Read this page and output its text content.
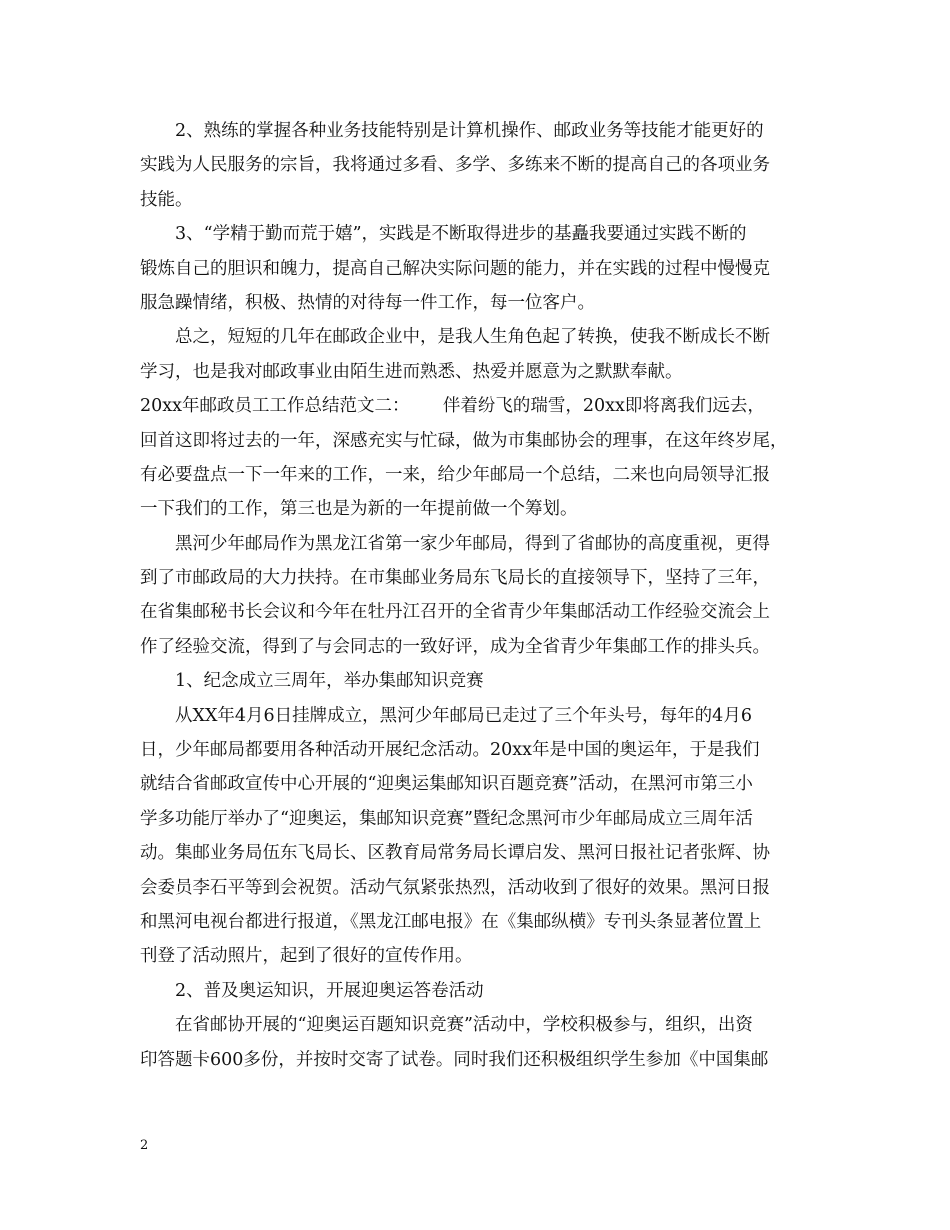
2、熟练的掌握各种业务技能特别是计算机操作、邮政业务等技能才能更好的
实践为人民服务的宗旨，我将通过多看、多学、多练来不断的提高自己的各项业务
技能。
3、“学精于勤而荒于嬉”，实践是不断取得进步的基矗我要通过实践不断的
锻炼自己的胆识和魄力，提高自己解决实际问题的能力，并在实践的过程中慢慢克
服急躁情绪，积极、热情的对待每一件工作，每一位客户。
总之，短短的几年在邮政企业中，是我人生角色起了转换，使我不断成长不断
学习，也是我对邮政事业由陌生进而熟悉、热爱并愿意为之默默奉献。
20xx年邮政员工工作总结范文二：      伴着纷飞的瑞雪，20xx即将离我们远去，
回首这即将过去的一年，深感充实与忙碌，做为市集邮协会的理事，在这年终岁尾，
有必要盘点一下一年来的工作，一来，给少年邮局一个总结，二来也向局领导汇报
一下我们的工作，第三也是为新的一年提前做一个筹划。
黑河少年邮局作为黑龙江省第一家少年邮局，得到了省邮协的高度重视，更得
到了市邮政局的大力扶持。在市集邮业务局东飞局长的直接领导下，坚持了三年，
在省集邮秘书长会议和今年在牡丹江召开的全省青少年集邮活动工作经验交流会上
作了经验交流，得到了与会同志的一致好评，成为全省青少年集邮工作的排头兵。
1、纪念成立三周年，举办集邮知识竞赛
从XX年4月6日挂牌成立，黑河少年邮局已走过了三个年头号，每年的4月6
日，少年邮局都要用各种活动开展纪念活动。20xx年是中国的奥运年，于是我们
就结合省邮政宣传中心开展的“迎奥运集邮知识百题竞赛”活动，在黑河市第三小
学多功能厅举办了“迎奥运，集邮知识竞赛”暨纪念黑河市少年邮局成立三周年活
动。集邮业务局伍东飞局长、区教育局常务局长谭启发、黑河日报社记者张辉、协
会委员李石平等到会祝贺。活动气氛紧张热烈，活动收到了很好的效果。黑河日报
和黑河电视台都进行报道，《黑龙江邮电报》在《集邮纵横》专刊头条显著位置上
刊登了活动照片，起到了很好的宣传作用。
2、普及奥运知识，开展迎奥运答卷活动
在省邮协开展的“迎奥运百题知识竞赛”活动中，学校积极参与，组织，出资
印答题卡600多份，并按时交寄了试卷。同时我们还积极组织学生参加《中国集邮
2
